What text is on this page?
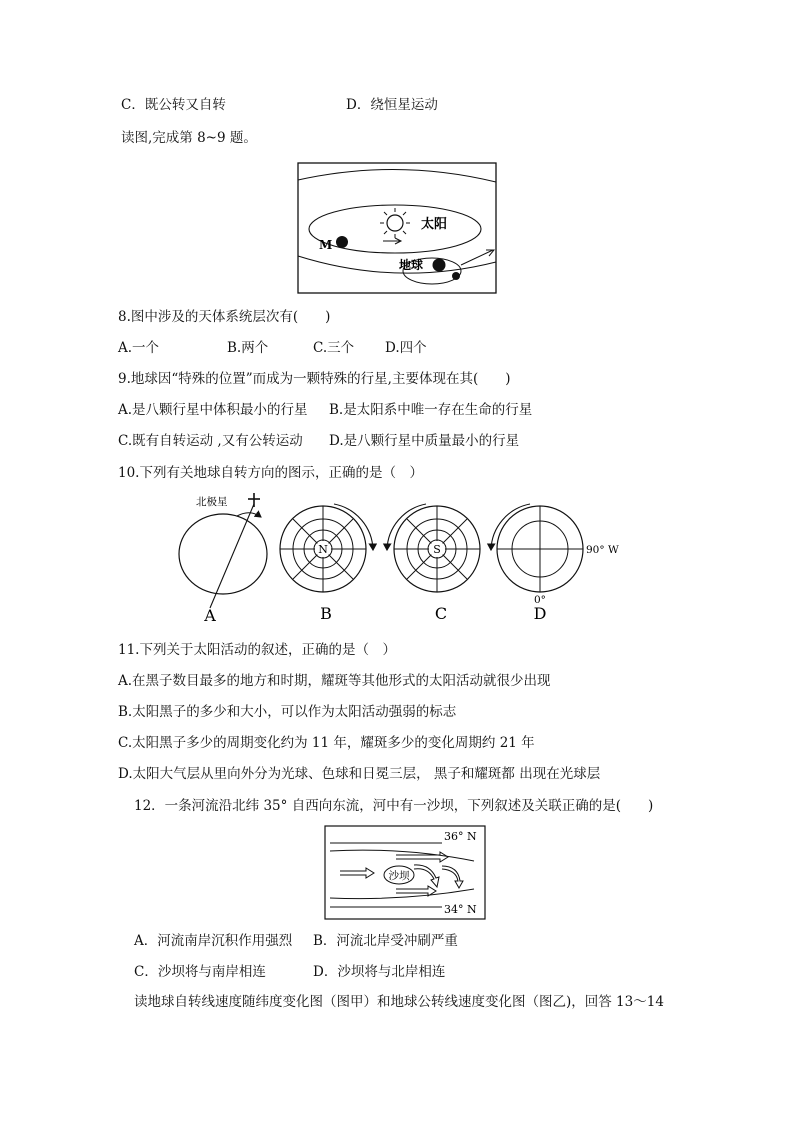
C．既公转又自转	D．绕恒星运动
读图,完成第 8~9 题。
太阳
M
地球
8.图中涉及的天体系统层次有(　　)
A.一个	B.两个	C.三个 D.四个
9.地球因“特殊的位置”而成为一颗特殊的行星,主要体现在其(　　)
A.是八颗行星中体积最小的行星 B.是太阳系中唯一存在生命的行星
C.既有自转运动 ,又有公转运动 D.是八颗行星中质量最小的行星
10.下列有关地球自转方向的图示，正确的是（　）
北极星
A
N
B
S
C
90° W
0°
D
11.下列关于太阳活动的叙述，正确的是（　）
A.在黑子数目最多的地方和时期，耀斑等其他形式的太阳活动就很少出现
B.太阳黑子的多少和大小，可以作为太阳活动强弱的标志
C.太阳黑子多少的周期变化约为 11 年，耀斑多少的变化周期约 21 年
D.太阳大气层从里向外分为光球、色球和日冕三层， 黑子和耀斑都 出现在光球层
12．一条河流沿北纬 35° 自西向东流，河中有一沙坝，下列叙述及关联正确的是(　　)
36° N
34° N
沙坝
A．河流南岸沉积作用强烈 B．河流北岸受冲刷严重
C．沙坝将与南岸相连	D．沙坝将与北岸相连
读地球自转线速度随纬度变化图（图甲）和地球公转线速度变化图（图乙)，回答 13～14
